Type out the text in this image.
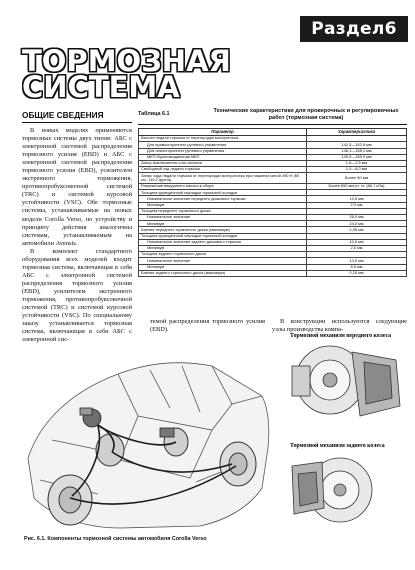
Раздел6
ТОРМОЗНАЯ
СИСТЕМА
ОБЩИЕ СВЕДЕНИЯ

В новых моделях применяются тормозные системы двух типов: АБС с электронной системой распределения тормозного усилия (EBD) и АБС с электронной системой распределения тормозного усилия (EBD), усилителем экстренного торможения, противопробуксовочной системой (TRC) и системой курсовой устойчивости (VSC). Обе тормозные системы, устанавливаемые на новых модели Corolla Verso, по устройству и принципу действия аналогичны системам, устанавливаемым на автомобили Avensis.

В комплект стандартного оборудования всех моделей входит тормозная система, включающая в себя АБС с электронной системой распределения тормозного усилия (EBD), усилителем экстренного торможения, противопробуксовочной системой (TRC) и системой курсовой устойчивости (VSC). По специальному заказу устанавливается тормозная система, включающая в себя АБС с электронной сис-

Таблица 6.1	Технические характеристики для проверочных и регулировочных работ (тормозная система)
Параметр	Характеристика
Высота педали тормоза от перегородки моторотсека:	
Для правостороннего рулевого управления	142,5—152,5 мм
Для левостороннего рулевого управления	148,1—158,1 мм
МКП Мультимодальная МКП	149,9—159,9 мм
Зазор выключателя стоп-сигнала	1,5—2,5 мм
Свободный ход педали тормоза	1,0—6,0 мм
Запас хода педали тормоза от перегородки моторотсека при нажатии силой 490 Н (50 кгс, 110,2 фунта)	Более 50 мм
Разрежение вакуумного насоса в сборе	Более 650 мм рт. ст. (86,7 кПа)
Толщина фрикционной накладки тормозной колодки	
Номинальное значение переднего дискового тормоза	12,5 мм
Минимум	2,0 мм
Толщина переднего тормозного диска	
Номинальное значение	26,0 мм
Минимум	24,0 мм
Биение переднего тормозного диска (максимум)	0,05 мм
Толщина фрикционной накладки тормозной колодки	
Номинальное значение заднего дискового тормоза	10,0 мм
Минимум	2,0 мм
Толщина заднего тормозного диска	
Номинальное значение	10,0 мм
Минимум	8,5 мм
Биение заднего тормозного диска (максимум)	0,15 мм

темой распределения тормозного усилия (EBD).

В конструкции используются следующие узлы производства компа-

Тормозной механизм переднего колеса
Тормозной механизм заднего колеса
Рис. 6.1. Компоненты тормозной системы автомобиля Corolla Verso
